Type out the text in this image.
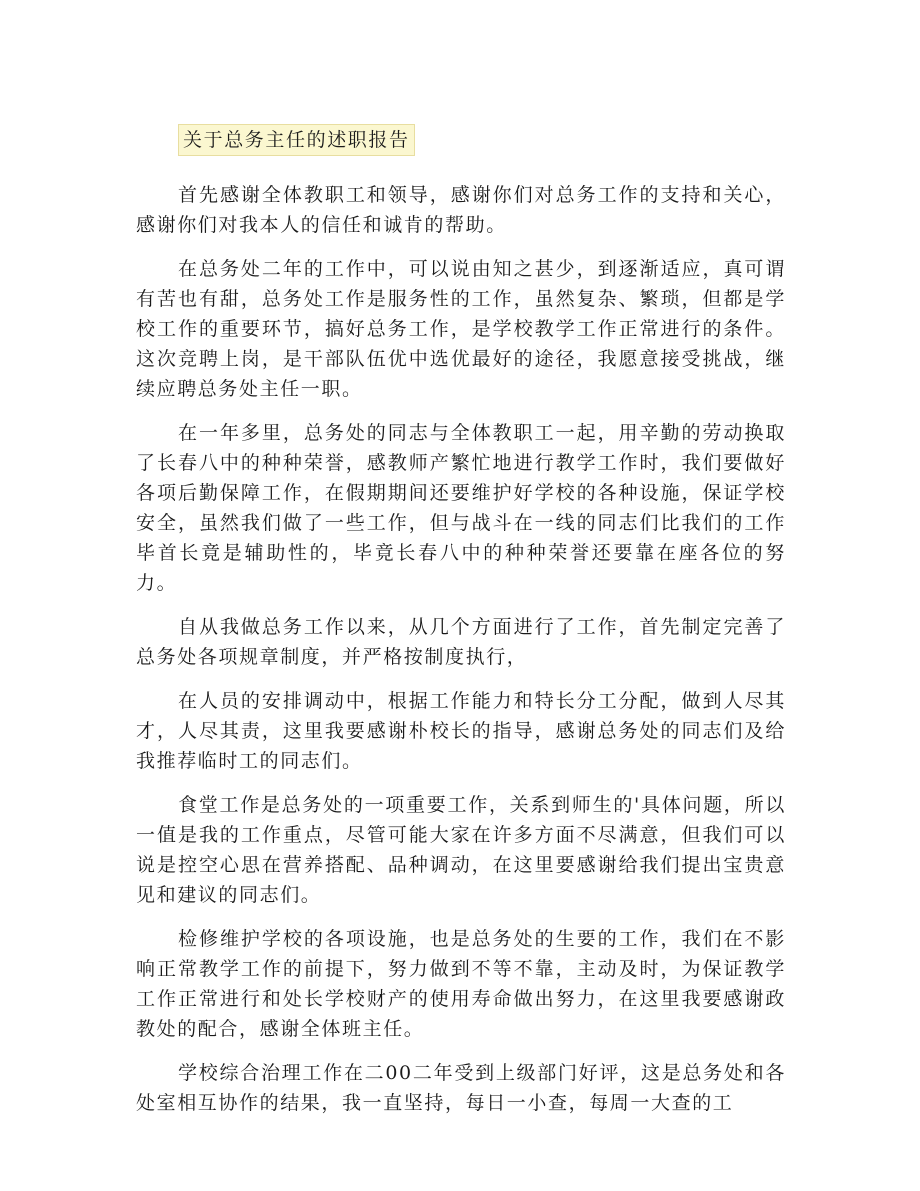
关于总务主任的述职报告

首先感谢全体教职工和领导，感谢你们对总务工作的支持和关心，感谢你们对我本人的信任和诚肯的帮助。

在总务处二年的工作中，可以说由知之甚少，到逐渐适应，真可谓有苦也有甜，总务处工作是服务性的工作，虽然复杂、繁琐，但都是学校工作的重要环节，搞好总务工作，是学校教学工作正常进行的条件。这次竞聘上岗，是干部队伍优中选优最好的途径，我愿意接受挑战，继续应聘总务处主任一职。

在一年多里，总务处的同志与全体教职工一起，用辛勤的劳动换取了长春八中的种种荣誉，感教师产繁忙地进行教学工作时，我们要做好各项后勤保障工作，在假期期间还要维护好学校的各种设施，保证学校安全，虽然我们做了一些工作，但与战斗在一线的同志们比我们的工作毕首长竟是辅助性的，毕竟长春八中的种种荣誉还要靠在座各位的努力。

自从我做总务工作以来，从几个方面进行了工作，首先制定完善了总务处各项规章制度，并严格按制度执行，

在人员的安排调动中，根据工作能力和特长分工分配，做到人尽其才，人尽其责，这里我要感谢朴校长的指导，感谢总务处的同志们及给我推荐临时工的同志们。

食堂工作是总务处的一项重要工作，关系到师生的'具体问题，所以一值是我的工作重点，尽管可能大家在许多方面不尽满意，但我们可以说是控空心思在营养搭配、品种调动，在这里要感谢给我们提出宝贵意见和建议的同志们。

检修维护学校的各项设施，也是总务处的生要的工作，我们在不影响正常教学工作的前提下，努力做到不等不靠，主动及时，为保证教学工作正常进行和处长学校财产的使用寿命做出努力，在这里我要感谢政教处的配合，感谢全体班主任。

学校综合治理工作在二00二年受到上级部门好评，这是总务处和各处室相互协作的结果，我一直坚持，每日一小查，每周一大查的工
